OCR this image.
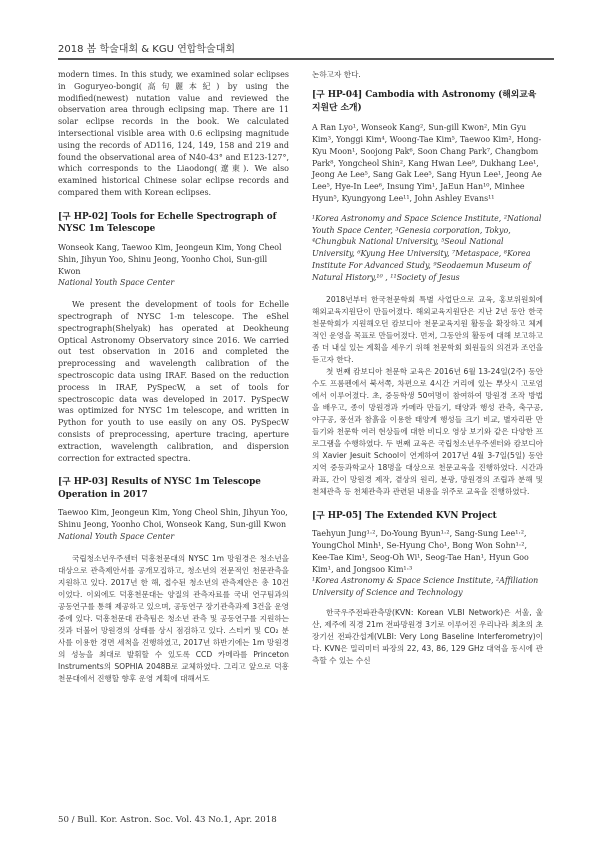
2018 봄 학술대회 & KGU 연합학술대회
modern times. In this study, we examined solar eclipses in Goguryeo-bongi(高句麗本紀) by using the modified(newest) nutation value and reviewed the observation area through eclipsing map. There are 11 solar eclipse records in the book. We calculated intersectional visible area with 0.6 eclipsing magnitude using the records of AD116, 124, 149, 158 and 219 and found the observational area of N40-43° and E123-127°, which corresponds to the Liaodong(遼東). We also examined historical Chinese solar eclipse records and compared them with Korean eclipses.
[구 HP-02] Tools for Echelle Spectrograph of NYSC 1m Telescope
Wonseok Kang, Taewoo Kim, Jeongeun Kim, Yong Cheol Shin, Jihyun Yoo, Shinu Jeong, Yoonho Choi, Sun-gill Kwon
National Youth Space Center
We present the development of tools for Echelle spectrograph of NYSC 1-m telescope. The eShel spectrograph(Shelyak) has operated at Deokheung Optical Astronomy Observatory since 2016. We carried out test observation in 2016 and completed the preprocessing and wavelength calibration of the spectroscopic data using IRAF. Based on the reduction process in IRAF, PySpecW, a set of tools for spectroscopic data was developed in 2017. PySpecW was optimized for NYSC 1m telescope, and written in Python for youth to use easily on any OS. PySpecW consists of preprocessing, aperture tracing, aperture extraction, wavelength calibration, and dispersion correction for extracted spectra.
[구 HP-03] Results of NYSC 1m Telescope Operation in 2017
Taewoo Kim, Jeongeun Kim, Yong Cheol Shin, Jihyun Yoo, Shinu Jeong, Yoonho Choi, Wonseok Kang, Sun-gill Kwon
National Youth Space Center
국립청소년우주센터 덕흥천문대의 NYSC 1m 망원경은 청소년을 대상으로 관측제안서를 공개모집하고, 청소년의 전문적인 천문관측을 지원하고 있다. 2017년 한 해, 접수된 청소년의 관측제안은 총 10건이었다. 이외에도 덕흥천문대는 양질의 관측자료를 국내 연구팀과의 공동연구를 통해 제공하고 있으며, 공동연구 장기관측과제 3건을 운영 중에 있다. 덕흥천문대 관측팀은 청소년 관측 및 공동연구를 지원하는 것과 더불어 망원경의 상태를 상시 점검하고 있다. 스티커 및 CO₂ 분사를 이용한 경면 세척을 진행하였고, 2017년 하반기에는 1m 망원경의 성능을 최대로 발휘할 수 있도록 CCD 카메라를 Princeton Instruments의 SOPHIA 2048B로 교체하였다. 그리고 앞으로 덕흥천문대에서 진행할 향후 운영 계획에 대해서도
논하고자 한다.
[구 HP-04] Cambodia with Astronomy (해외교육지원단 소개)
A Ran Lyo¹, Wonseok Kang², Sun-gill Kwon², Min Gyu Kim³, Yonggi Kim⁴, Woong-Tae Kim⁵, Taewoo Kim², Hong-Kyu Moon¹, Soojong Pak⁶, Soon Chang Park⁷, Changbom Park⁸, Yongcheol Shin², Kang Hwan Lee⁹, Dukhang Lee¹, Jeong Ae Lee⁵, Sang Gak Lee⁵, Sang Hyun Lee¹, Jeong Ae Lee⁵, Hye-In Lee⁶, Insung Yim¹, JaEun Han¹⁰, Minhee Hyun⁵, Kyungyong Lee¹¹, John Ashley Evans¹¹
¹Korea Astronomy and Space Science Institute, ²National Youth Space Center, ³Genesia corporation, Tokyo, ⁴Chungbuk National University, ⁵Seoul National University, ⁶Kyung Hee University, ⁷Metaspace, ⁸Korea Institute For Advanced Study, ⁹Seodaemun Museum of Natural History,¹⁰ , ¹¹Society of Jesus
2018년부터 한국천문학회 특별 사업단으로 교육, 홍보위원회에 해외교육지원단이 만들어졌다. 해외교육지원단은 지난 2년 동안 한국천문학회가 지원해오던 캄보디아 천문교육지원 활동을 확장하고 체계적인 운영을 목표로 만들어졌다. 먼저, 그동안의 활동에 대해 보고하고 좀 더 내실 있는 계획을 세우기 위해 천문학회 회원들의 의견과 조언을 듣고자 한다.
첫 번째 캄보디아 천문학 교육은 2016년 6월 13-24일(2주) 동안 수도 프롬펜에서 북서쪽, 차편으로 4시간 거리에 있는 뿌삿시 고로엄에서 이루어졌다. 초, 중등학생 50여명이 참여하여 망원경 조작 방법을 배우고, 종이 망원경과 카메라 만들기, 태양과 행성 관측, 축구공, 야구공, 풍선과 참흙을 이용한 태양계 행성들 크기 비교, 별자리판 만들기와 천문학 여러 현상들에 대한 비디오 영상 보기와 같은 다양한 프로그램을 수행하였다. 두 번째 교육은 국립청소년우주센터와 캄보디아의 Xavier Jesuit School이 연계하여 2017년 4월 3-7일(5일) 동안 지역 중등과학교사 18명을 대상으로 천문교육을 진행하였다. 시간과 좌표, 간이 망원경 제작, 곁상의 원리, 분광, 망원경의 조립과 분해 및 천체관측 등 천체관측과 관련된 내용을 위주로 교육을 진행하였다.
[구 HP-05] The Extended KVN Project
Taehyun Jung¹·², Do-Young Byun¹·², Sang-Sung Lee¹·², YoungChol Minh¹, Se-Hyung Cho¹, Bong Won Sohn¹·², Kee-Tae Kim¹, Seog-Oh Wi¹, Seog-Tae Han¹, Hyun Goo Kim¹, and Jongsoo Kim¹·³
¹Korea Astronomy & Space Science Institute, ²Affiliation University of Science and Technology
한국우주전파관측망(KVN: Korean VLBI Network)은 서울, 울산, 제주에 직경 21m 전파망원경 3기로 이루어진 우리나라 최초의 초장기선 전파간섭계(VLBI: Very Long Baseline Interferometry)이다. KVN은 밀리미터 파장의 22, 43, 86, 129 GHz 대역을 동시에 관측할 수 있는 수신
50 / Bull. Kor. Astron. Soc. Vol. 43 No.1, Apr. 2018
